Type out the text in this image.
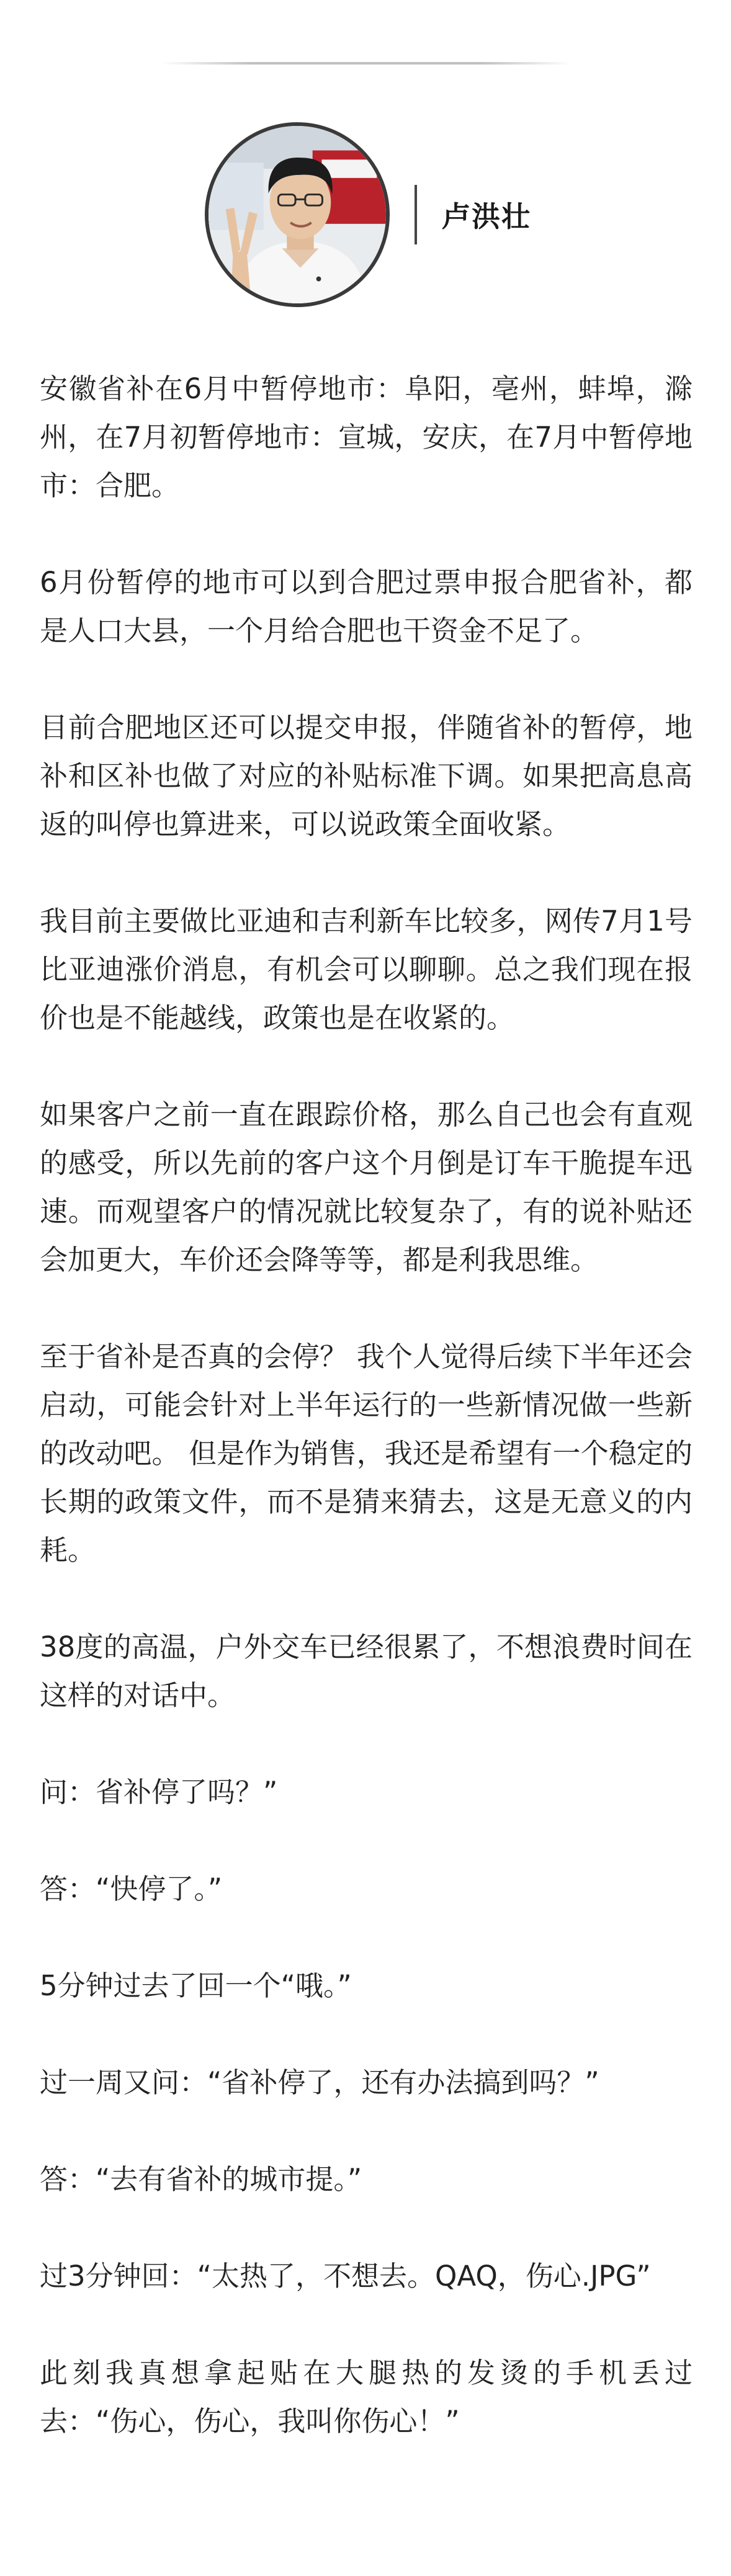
卢洪壮

安徽省补在6月中暂停地市：阜阳，亳州，蚌埠，滁州，在7月初暂停地市：宣城，安庆，在7月中暂停地市：合肥。

6月份暂停的地市可以到合肥过票申报合肥省补，都是人口大县，一个月给合肥也干资金不足了。

目前合肥地区还可以提交申报，伴随省补的暂停，地补和区补也做了对应的补贴标准下调。如果把高息高返的叫停也算进来，可以说政策全面收紧。

我目前主要做比亚迪和吉利新车比较多，网传7月1号比亚迪涨价消息，有机会可以聊聊。总之我们现在报价也是不能越线，政策也是在收紧的。

如果客户之前一直在跟踪价格，那么自己也会有直观的感受，所以先前的客户这个月倒是订车干脆提车迅速。而观望客户的情况就比较复杂了，有的说补贴还会加更大，车价还会降等等，都是利我思维。

至于省补是否真的会停？ 我个人觉得后续下半年还会启动，可能会针对上半年运行的一些新情况做一些新的改动吧。 但是作为销售，我还是希望有一个稳定的长期的政策文件，而不是猜来猜去，这是无意义的内耗。

38度的高温，户外交车已经很累了，不想浪费时间在这样的对话中。

问：省补停了吗？”

答：“快停了。”

5分钟过去了回一个“哦。”

过一周又问：“省补停了，还有办法搞到吗？”

答：“去有省补的城市提。”

过3分钟回：“太热了，不想去。QAQ，伤心.JPG”

此刻我真想拿起贴在大腿热的发烫的手机丢过去：“伤心，伤心，我叫你伤心！”
